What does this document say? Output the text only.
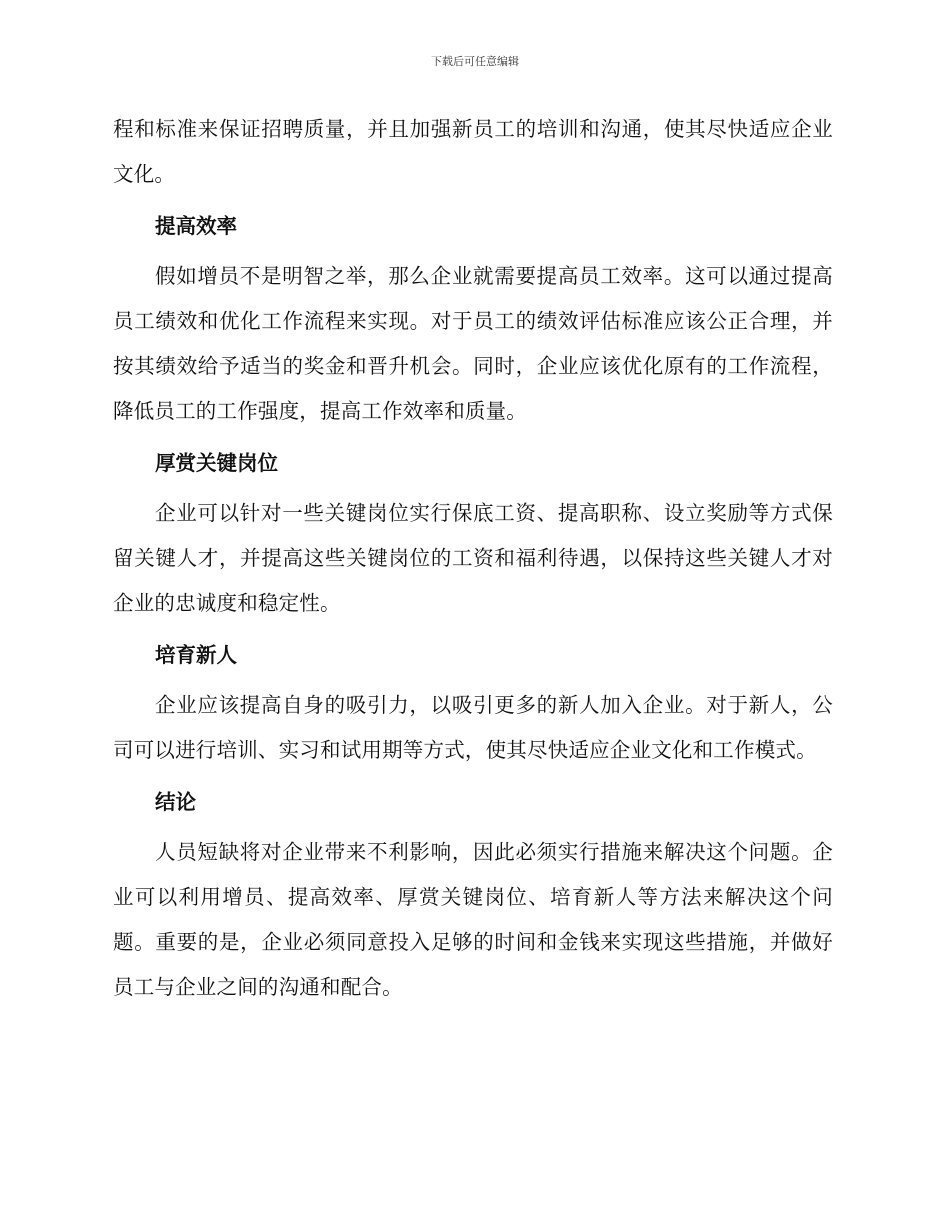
下载后可任意编辑

程和标准来保证招聘质量，并且加强新员工的培训和沟通，使其尽快适应企业文化。

提高效率

假如增员不是明智之举，那么企业就需要提高员工效率。这可以通过提高员工绩效和优化工作流程来实现。对于员工的绩效评估标准应该公正合理，并按其绩效给予适当的奖金和晋升机会。同时，企业应该优化原有的工作流程，降低员工的工作强度，提高工作效率和质量。

厚赏关键岗位

企业可以针对一些关键岗位实行保底工资、提高职称、设立奖励等方式保留关键人才，并提高这些关键岗位的工资和福利待遇，以保持这些关键人才对企业的忠诚度和稳定性。

培育新人

企业应该提高自身的吸引力，以吸引更多的新人加入企业。对于新人，公司可以进行培训、实习和试用期等方式，使其尽快适应企业文化和工作模式。

结论

人员短缺将对企业带来不利影响，因此必须实行措施来解决这个问题。企业可以利用增员、提高效率、厚赏关键岗位、培育新人等方法来解决这个问题。重要的是，企业必须同意投入足够的时间和金钱来实现这些措施，并做好员工与企业之间的沟通和配合。
